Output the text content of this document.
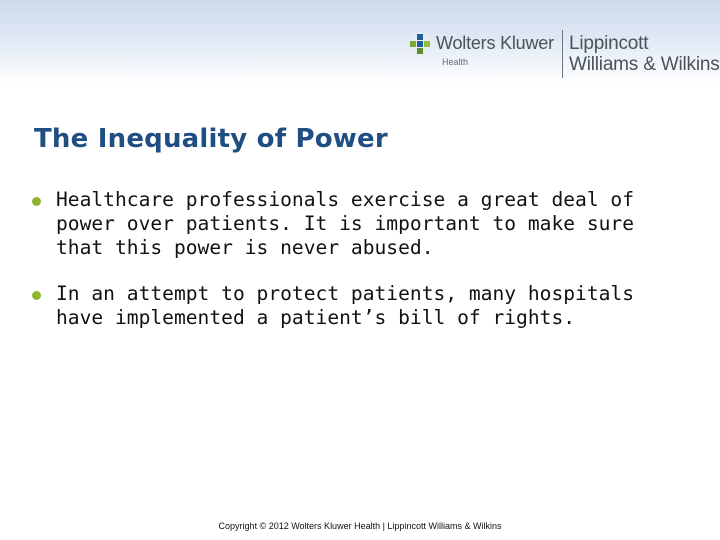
Wolters Kluwer
Health
Lippincott
Williams & Wilkins
The Inequality of Power
Healthcare professionals exercise a great deal of power over patients. It is important to make sure that this power is never abused.
In an attempt to protect patients, many hospitals have implemented a patient’s bill of rights.
Copyright © 2012 Wolters Kluwer Health | Lippincott Williams & Wilkins
